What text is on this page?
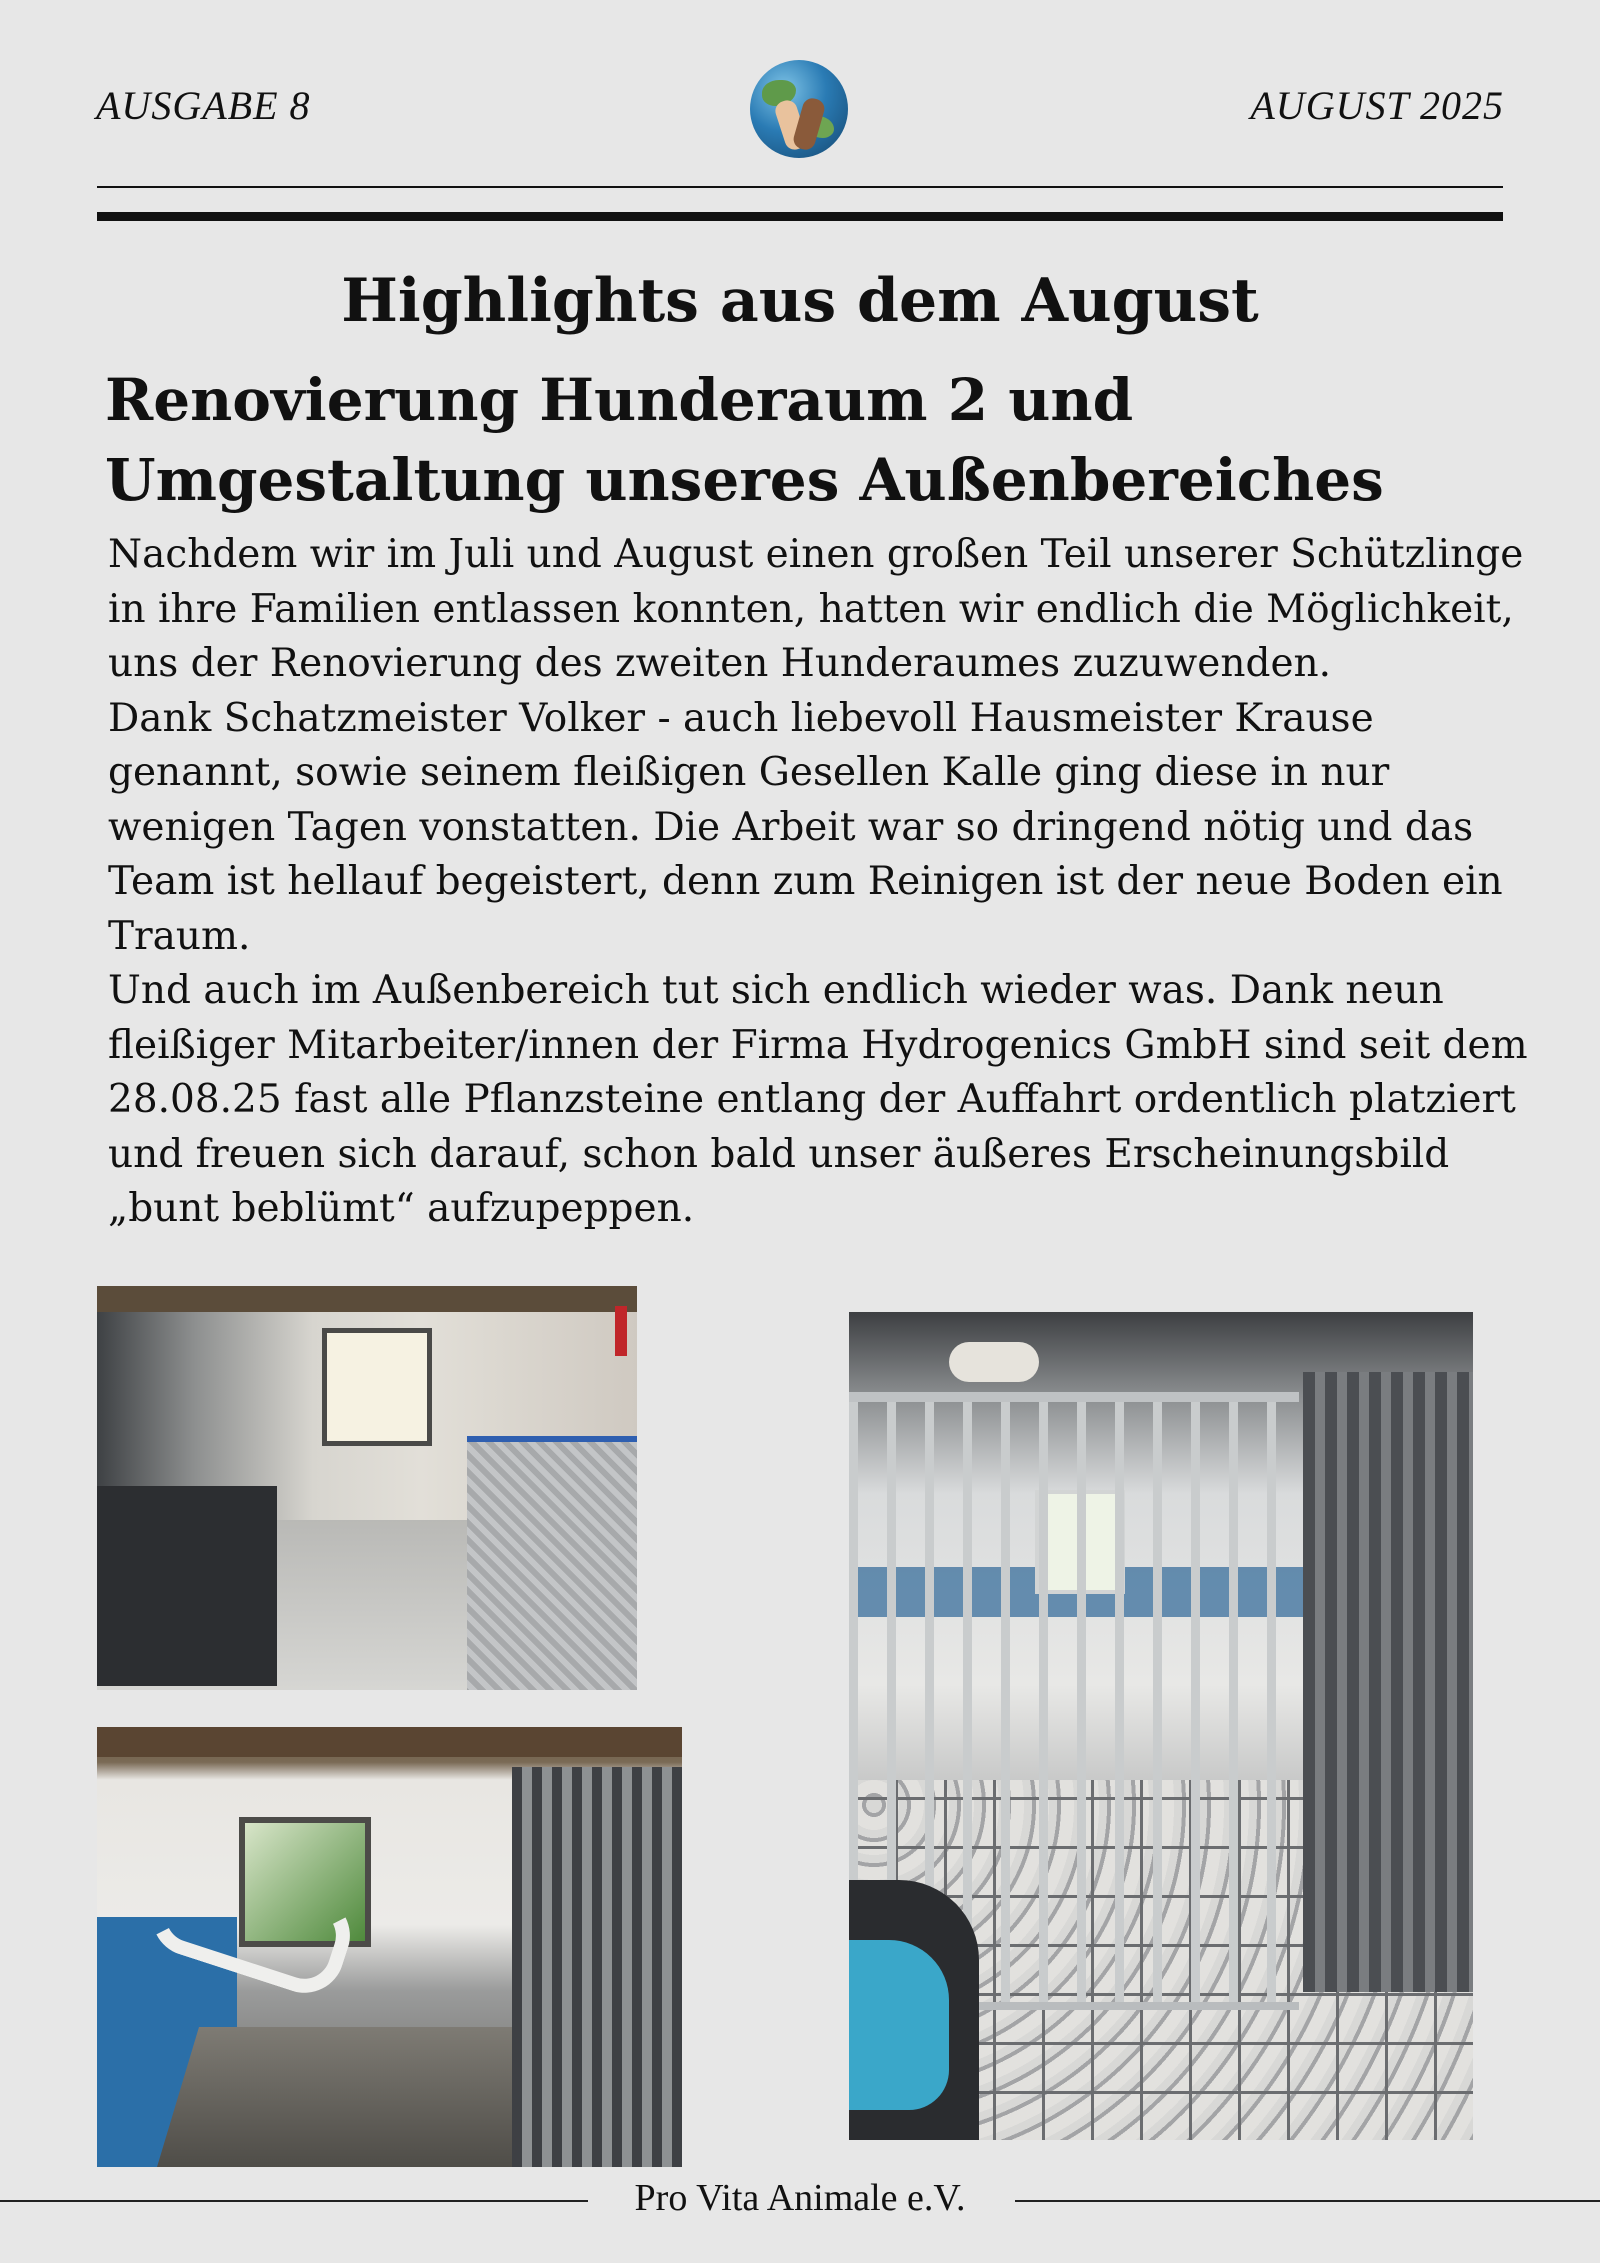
AUSGABE 8	AUGUST 2025
Highlights aus dem August
Renovierung Hunderaum 2 und
Umgestaltung unseres Außenbereiches

Nachdem wir im Juli und August einen großen Teil unserer Schützlinge in ihre Familien entlassen konnten, hatten wir endlich die Möglichkeit, uns der Renovierung des zweiten Hunderaumes zuzuwenden.

Dank Schatzmeister Volker - auch liebevoll Hausmeister Krause genannt, sowie seinem fleißigen Gesellen Kalle ging diese in nur wenigen Tagen vonstatten. Die Arbeit war so dringend nötig und das Team ist hellauf begeistert, denn zum Reinigen ist der neue Boden ein Traum.

Und auch im Außenbereich tut sich endlich wieder was. Dank neun fleißiger Mitarbeiter/innen der Firma Hydrogenics GmbH sind seit dem 28.08.25 fast alle Pflanzsteine entlang der Auffahrt ordentlich platziert und freuen sich darauf, schon bald unser äußeres Erscheinungsbild „bunt beblümt“ aufzupeppen.

Pro Vita Animale e.V.
